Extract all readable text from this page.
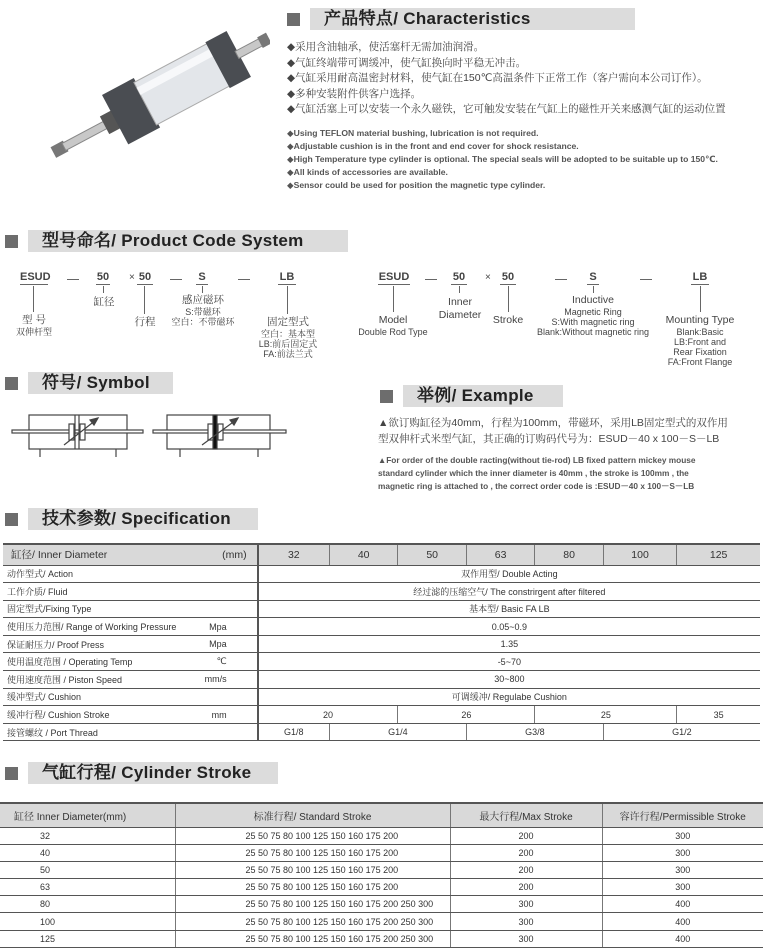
产品特点/ Characteristics
◆采用含油轴承，使活塞杆无需加油润滑。
◆气缸终端带可调缓冲，使气缸换向时平稳无冲击。
◆气缸采用耐高温密封材料，使气缸在150℃高温条件下正常工作（客户需向本公司订作）。
◆多种安装附件供客户选择。
◆气缸活塞上可以安装一个永久磁铁，它可触发安装在气缸上的磁性开关来感测气缸的运动位置
◆Using TEFLON material bushing, lubrication is not required.
◆Adjustable cushion is in the front and end cover for shock resistance.
◆High Temperature type cylinder is optional. The special seals will be adopted to be suitable up to 150℃.
◆All kinds of accessories are available.
◆Sensor could be used for position the magnetic type cylinder.
型号命名/ Product Code System
ESUD	50 × 50	S	LB
型 号
双伸杆型
缸径
行程
感应磁环
S:带磁环
空白：不带磁环	固定型式
空白：基本型
LB:前后固定式
FA:前法兰式
ESUD	50 × 50	S	LB
Model
Double Rod Type
Inner
Diameter Stroke
Inductive
Magnetic Ring
S:With magnetic ring
Blank:Without magnetic ring
Mounting Type
Blank:Basic
LB:Front and
Rear Fixation
FA:Front Flange
符号/ Symbol
举例/ Example
▲欲订购缸径为40mm，行程为100mm，带磁环，采用LB固定型式的双作用
型双伸杆式米型气缸，其正确的订购码代号为：ESUD－40 x 100－S－LB
▲For order of the double racting(without tie-rod) LB fixed pattern mickey mouse
standard cylinder which the inner diameter is 40mm , the stroke is 100mm , the
magnetic ring is attached to , the correct order code is :ESUD－40 x 100－S－LB
技术参数/ Specification
缸径/ Inner Diameter	(mm)	32	40	50	63	80	100	125
动作型式/ Action		双作用型/ Double Acting						
工作介质/ Fluid		经过滤的压缩空气/ The constrirgent after filtered						
固定型式/Fixing Type		基本型/ Basic FA LB						
使用压力范围/ Range of Working Pressure	Mpa	0.05~0.9						
保证耐压力/ Proof Press	Mpa	1.35						
使用温度范围 / Operating Temp	℃	-5~70						
使用速度范围 / Piston Speed	mm/s	30~800						
缓冲型式/ Cushion		可调缓冲/ Regulabe Cushion						
缓冲行程/ Cushion Stroke	mm	20		26		25		35
接管螺纹 / Port Thread		G1/8	G1/4		G3/8		G1/2	
气缸行程/ Cylinder Stroke
缸径 Inner Diameter(mm)	标准行程/ Standard Stroke	最大行程/Max Stroke	容许行程/Permissible Stroke
32	25 50 75 80 100 125 150 160 175 200	200	300
40	25 50 75 80 100 125 150 160 175 200	200	300
50	25 50 75 80 100 125 150 160 175 200	200	300
63	25 50 75 80 100 125 150 160 175 200	200	300
80	25 50 75 80 100 125 150 160 175 200 250 300	300	400
100	25 50 75 80 100 125 150 160 175 200 250 300	300	400
125	25 50 75 80 100 125 150 160 175 200 250 300	300	400
